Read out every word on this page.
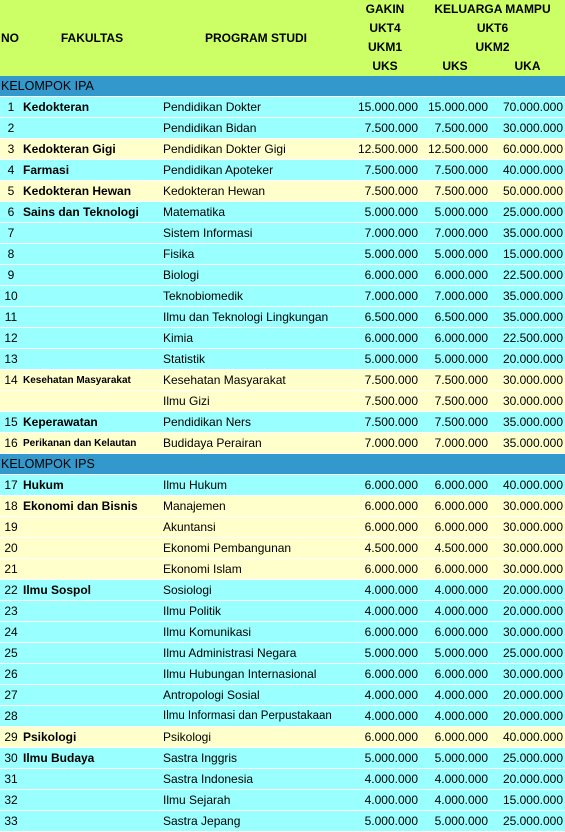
NO	FAKULTAS	PROGRAM STUDI	GAKIN	KELUARGA MAMPU	
			UKT4	UKT6	
			UKM1	UKM2	
			UKS	UKS	UKA
KELOMPOK IPA					
1	Kedokteran	Pendidikan Dokter	15.000.000	15.000.000	70.000.000
2		Pendidikan Bidan	7.500.000	7.500.000	30.000.000
3	Kedokteran Gigi	Pendidikan Dokter Gigi	12.500.000	12.500.000	60.000.000
4	Farmasi	Pendidikan Apoteker	7.500.000	7.500.000	40.000.000
5	Kedokteran Hewan	Kedokteran Hewan	7.500.000	7.500.000	50.000.000
6	Sains dan Teknologi	Matematika	5.000.000	5.000.000	25.000.000
7		Sistem Informasi	7.000.000	7.000.000	35.000.000
8		Fisika	5.000.000	5.000.000	15.000.000
9		Biologi	6.000.000	6.000.000	22.500.000
10		Teknobiomedik	7.000.000	7.000.000	35.000.000
11		Ilmu dan Teknologi Lingkungan	6.500.000	6.500.000	35.000.000
12		Kimia	6.000.000	6.000.000	22.500.000
13		Statistik	5.000.000	5.000.000	20.000.000
14	Kesehatan Masyarakat	Kesehatan Masyarakat	7.500.000	7.500.000	30.000.000
		Ilmu Gizi	7.500.000	7.500.000	30.000.000
15	Keperawatan	Pendidikan Ners	7.500.000	7.500.000	35.000.000
16	Perikanan dan Kelautan	Budidaya Perairan	7.000.000	7.000.000	35.000.000
KELOMPOK IPS					
17	Hukum	Ilmu Hukum	6.000.000	6.000.000	40.000.000
18	Ekonomi dan Bisnis	Manajemen	6.000.000	6.000.000	30.000.000
19		Akuntansi	6.000.000	6.000.000	30.000.000
20		Ekonomi Pembangunan	4.500.000	4.500.000	30.000.000
21		Ekonomi Islam	6.000.000	6.000.000	30.000.000
22	Ilmu Sospol	Sosiologi	4.000.000	4.000.000	20.000.000
23		Ilmu Politik	4.000.000	4.000.000	20.000.000
24		Ilmu Komunikasi	6.000.000	6.000.000	30.000.000
25		Ilmu Administrasi Negara	5.000.000	5.000.000	25.000.000
26		Ilmu Hubungan Internasional	6.000.000	6.000.000	30.000.000
27		Antropologi Sosial	4.000.000	4.000.000	20.000.000
28		Ilmu Informasi dan Perpustakaan	4.000.000	4.000.000	20.000.000
29	Psikologi	Psikologi	6.000.000	6.000.000	40.000.000
30	Ilmu Budaya	Sastra Inggris	5.000.000	5.000.000	25.000.000
31		Sastra Indonesia	4.000.000	4.000.000	20.000.000
32		Ilmu Sejarah	4.000.000	4.000.000	15.000.000
33		Sastra Jepang	5.000.000	5.000.000	25.000.000
